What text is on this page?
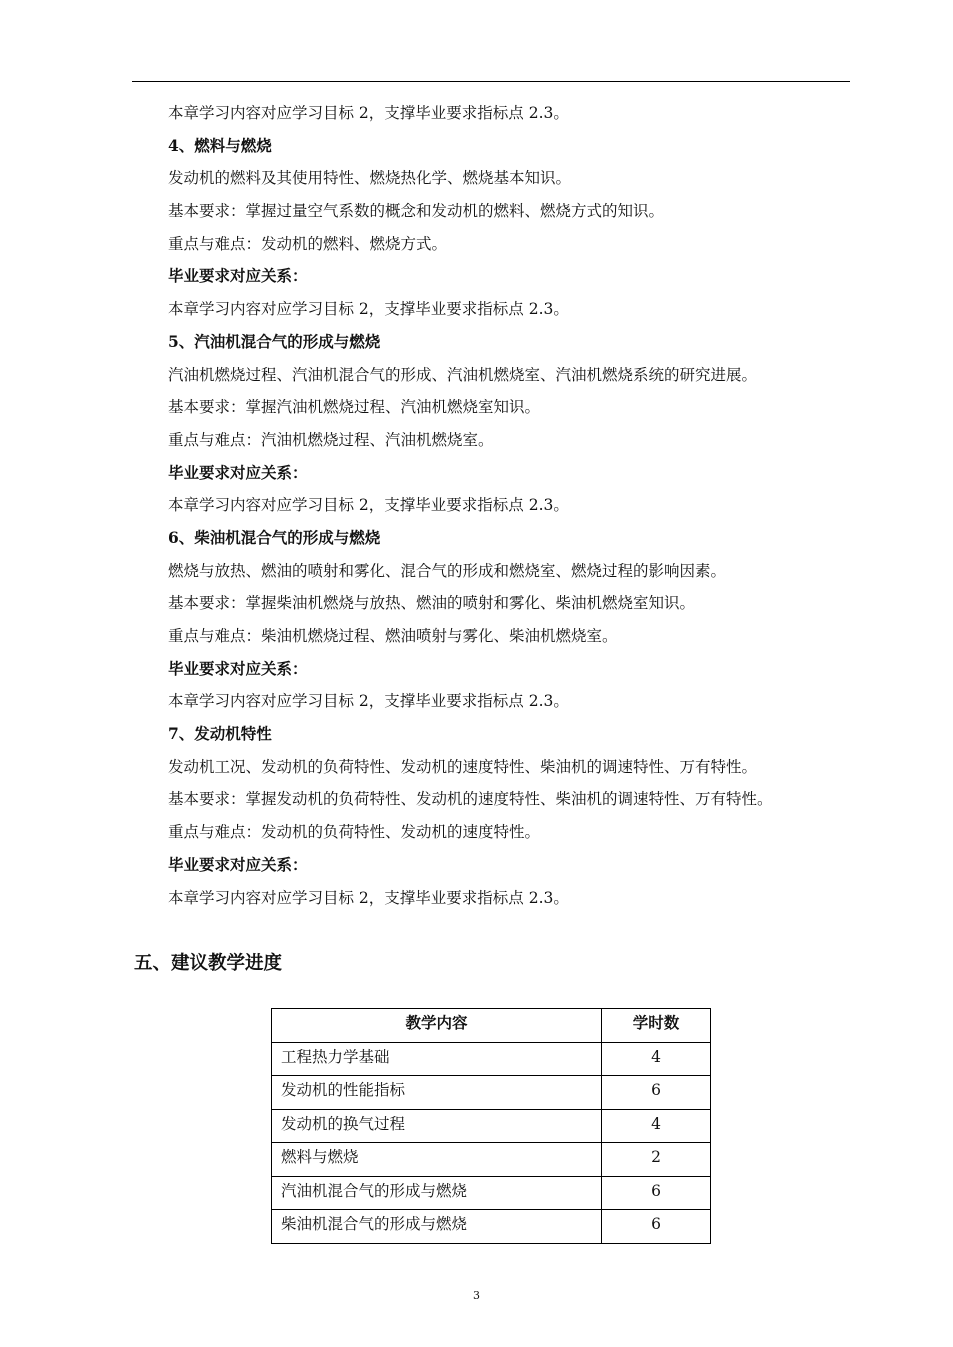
本章学习内容对应学习目标 2，支撑毕业要求指标点 2.3。
4、燃料与燃烧
发动机的燃料及其使用特性、燃烧热化学、燃烧基本知识。
基本要求：掌握过量空气系数的概念和发动机的燃料、燃烧方式的知识。
重点与难点：发动机的燃料、燃烧方式。
毕业要求对应关系：
本章学习内容对应学习目标 2，支撑毕业要求指标点 2.3。
5、汽油机混合气的形成与燃烧
汽油机燃烧过程、汽油机混合气的形成、汽油机燃烧室、汽油机燃烧系统的研究进展。
基本要求：掌握汽油机燃烧过程、汽油机燃烧室知识。
重点与难点：汽油机燃烧过程、汽油机燃烧室。
毕业要求对应关系：
本章学习内容对应学习目标 2，支撑毕业要求指标点 2.3。
6、柴油机混合气的形成与燃烧
燃烧与放热、燃油的喷射和雾化、混合气的形成和燃烧室、燃烧过程的影响因素。
基本要求：掌握柴油机燃烧与放热、燃油的喷射和雾化、柴油机燃烧室知识。
重点与难点：柴油机燃烧过程、燃油喷射与雾化、柴油机燃烧室。
毕业要求对应关系：
本章学习内容对应学习目标 2，支撑毕业要求指标点 2.3。
7、发动机特性
发动机工况、发动机的负荷特性、发动机的速度特性、柴油机的调速特性、万有特性。
基本要求：掌握发动机的负荷特性、发动机的速度特性、柴油机的调速特性、万有特性。
重点与难点：发动机的负荷特性、发动机的速度特性。
毕业要求对应关系：
本章学习内容对应学习目标 2，支撑毕业要求指标点 2.3。
五、建议教学进度
教学内容	学时数
工程热力学基础	4
发动机的性能指标	6
发动机的换气过程	4
燃料与燃烧	2
汽油机混合气的形成与燃烧	6
柴油机混合气的形成与燃烧	6
3
